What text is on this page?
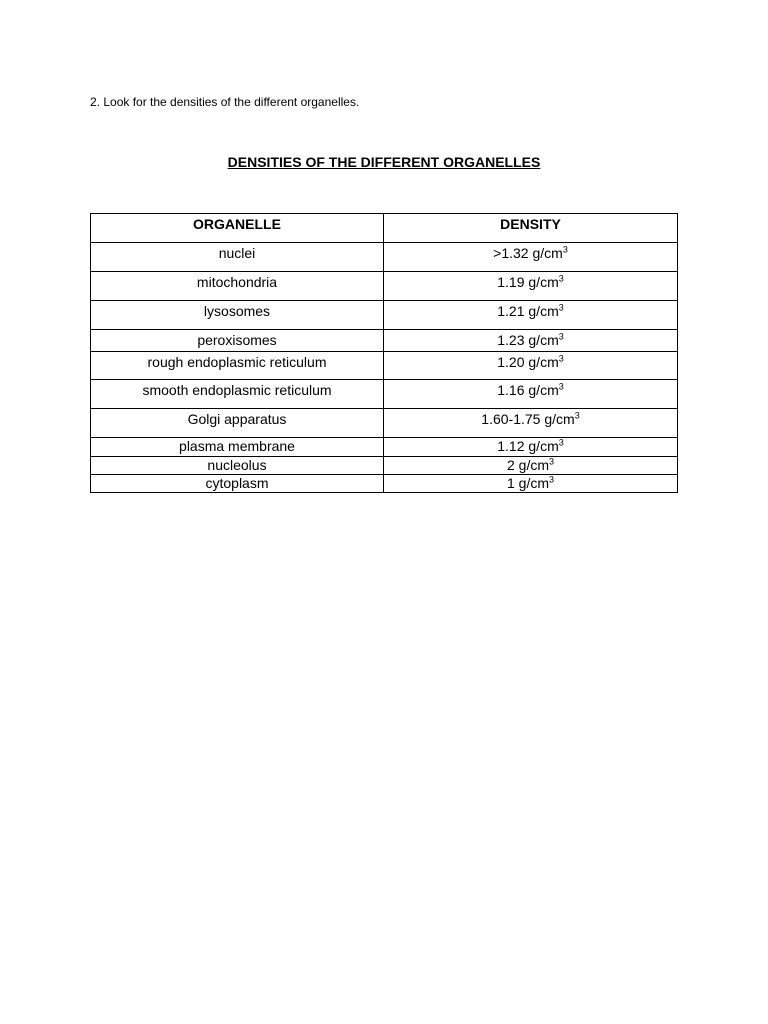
2. Look for the densities of the different organelles.
DENSITIES OF THE DIFFERENT ORGANELLES
ORGANELLE	DENSITY
nuclei	>1.32 $g/cm^3$
mitochondria	1.19 $g/cm^3$
lysosomes	1.21 $g/cm^3$
peroxisomes	1.23 $g/cm^3$
rough endoplasmic reticulum	1.20 $g/cm^3$
smooth endoplasmic reticulum	1.16 $g/cm^3$
Golgi apparatus	1.60-1.75 $g/cm^3$
plasma membrane	1.12 $g/cm^3$
nucleolus	2 $g/cm^3$
cytoplasm	1 $g/cm^3$
